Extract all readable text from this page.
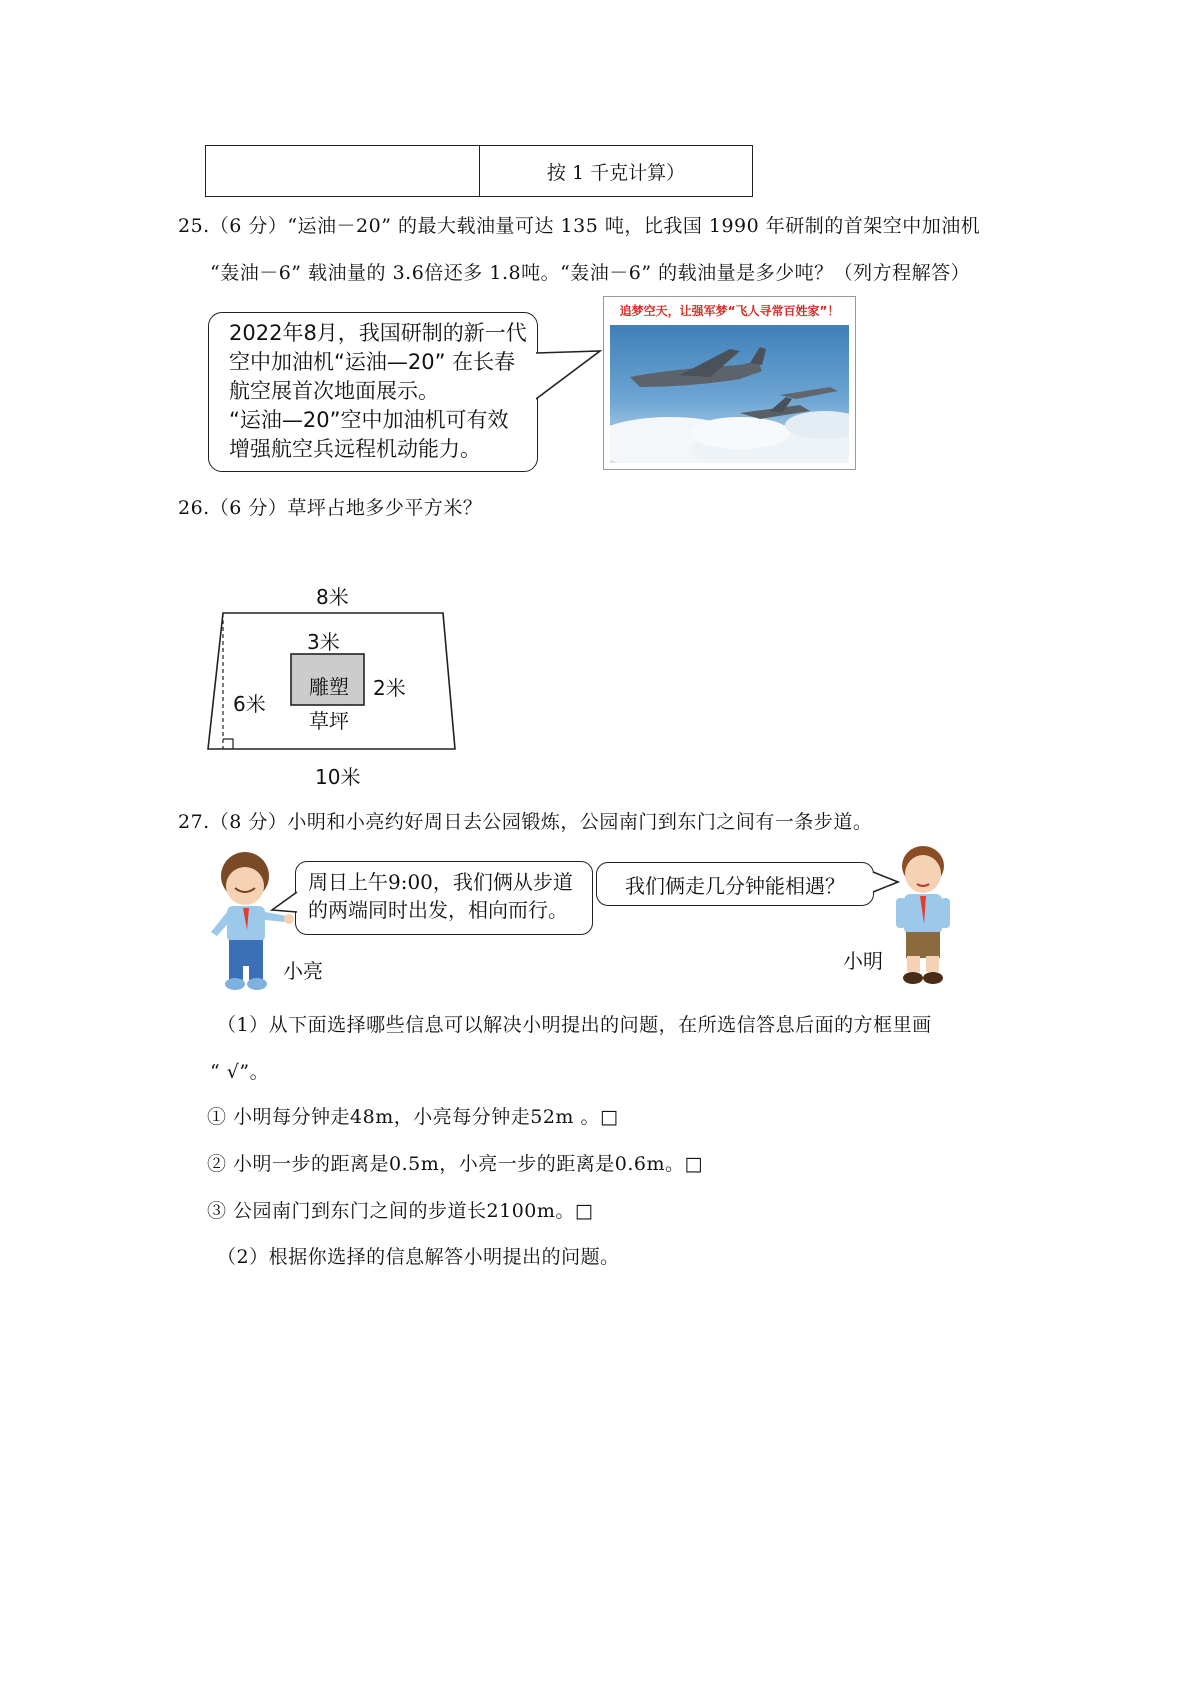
按 1 千克计算）
25.（6 分）“运油－20” 的最大载油量可达 135 吨，比我国 1990 年研制的首架空中加油机
“轰油－6” 载油量的 3.6倍还多 1.8吨。“轰油－6” 的载油量是多少吨？（列方程解答）
2022年8月，我国研制的新一代
空中加油机“运油—20” 在长春
航空展首次地面展示。
“运油—20”空中加油机可有效
增强航空兵远程机动能力。
追梦空天，让强军梦“飞人寻常百姓家”！
26.（6 分）草坪占地多少平方米？
8米
3米
雕塑 2米
6米
草坪
10米
27.（8 分）小明和小亮约好周日去公园锻炼，公园南门到东门之间有一条步道。
小亮
周日上午9:00，我们俩从步道
的两端同时出发，相向而行。
我们俩走几分钟能相遇？
小明
（1）从下面选择哪些信息可以解决小明提出的问题，在所选信答息后面的方框里画
“ √”。
① 小明每分钟走48m，小亮每分钟走52m 。□
② 小明一步的距离是0.5m，小亮一步的距离是0.6m。□
③ 公园南门到东门之间的步道长2100m。□
（2）根据你选择的信息解答小明提出的问题。
